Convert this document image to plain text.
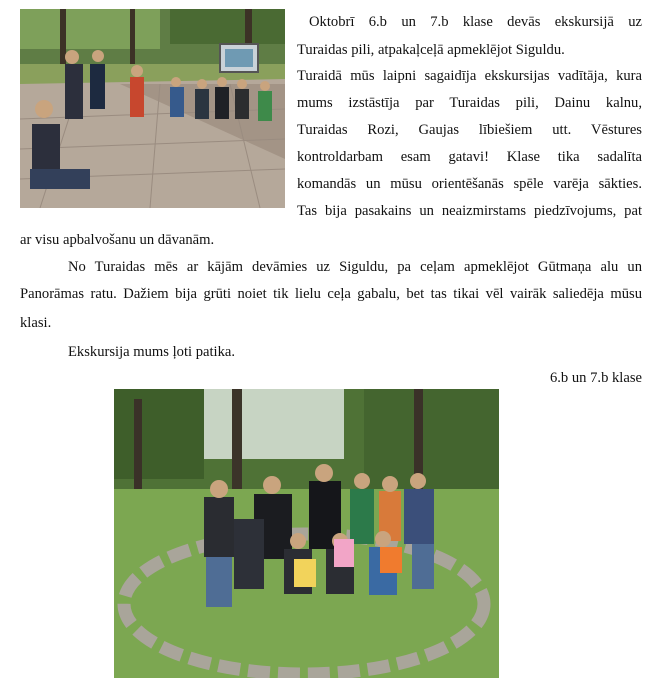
Oktobrī 6.b un 7.b klase devās ekskursijā uz
Turaidas pili, atpakaļceļā apmeklējot Siguldu.
Turaidā mūs laipni sagaidīja ekskursijas vadītāja, kura
mums izstāstīja par Turaidas pili, Dainu kalnu,
Turaidas Rozi, Gaujas lībiešiem utt. Vēstures
kontroldarbam esam gatavi! Klase tika sadalīta
komandās un mūsu orientēšanās spēle varēja sākties.
Tas bija pasakains un neaizmirstams piedzīvojums, pat
ar visu apbalvošanu un dāvanām.
No Turaidas mēs ar kājām devāmies uz Siguldu, pa ceļam apmeklējot Gūtmaņa alu un
Panorāmas ratu. Dažiem bija grūti noiet tik lielu ceļa gabalu, bet tas tikai vēl vairāk saliedēja mūsu
klasi.
Ekskursija mums ļoti patika.
6.b un 7.b klase
